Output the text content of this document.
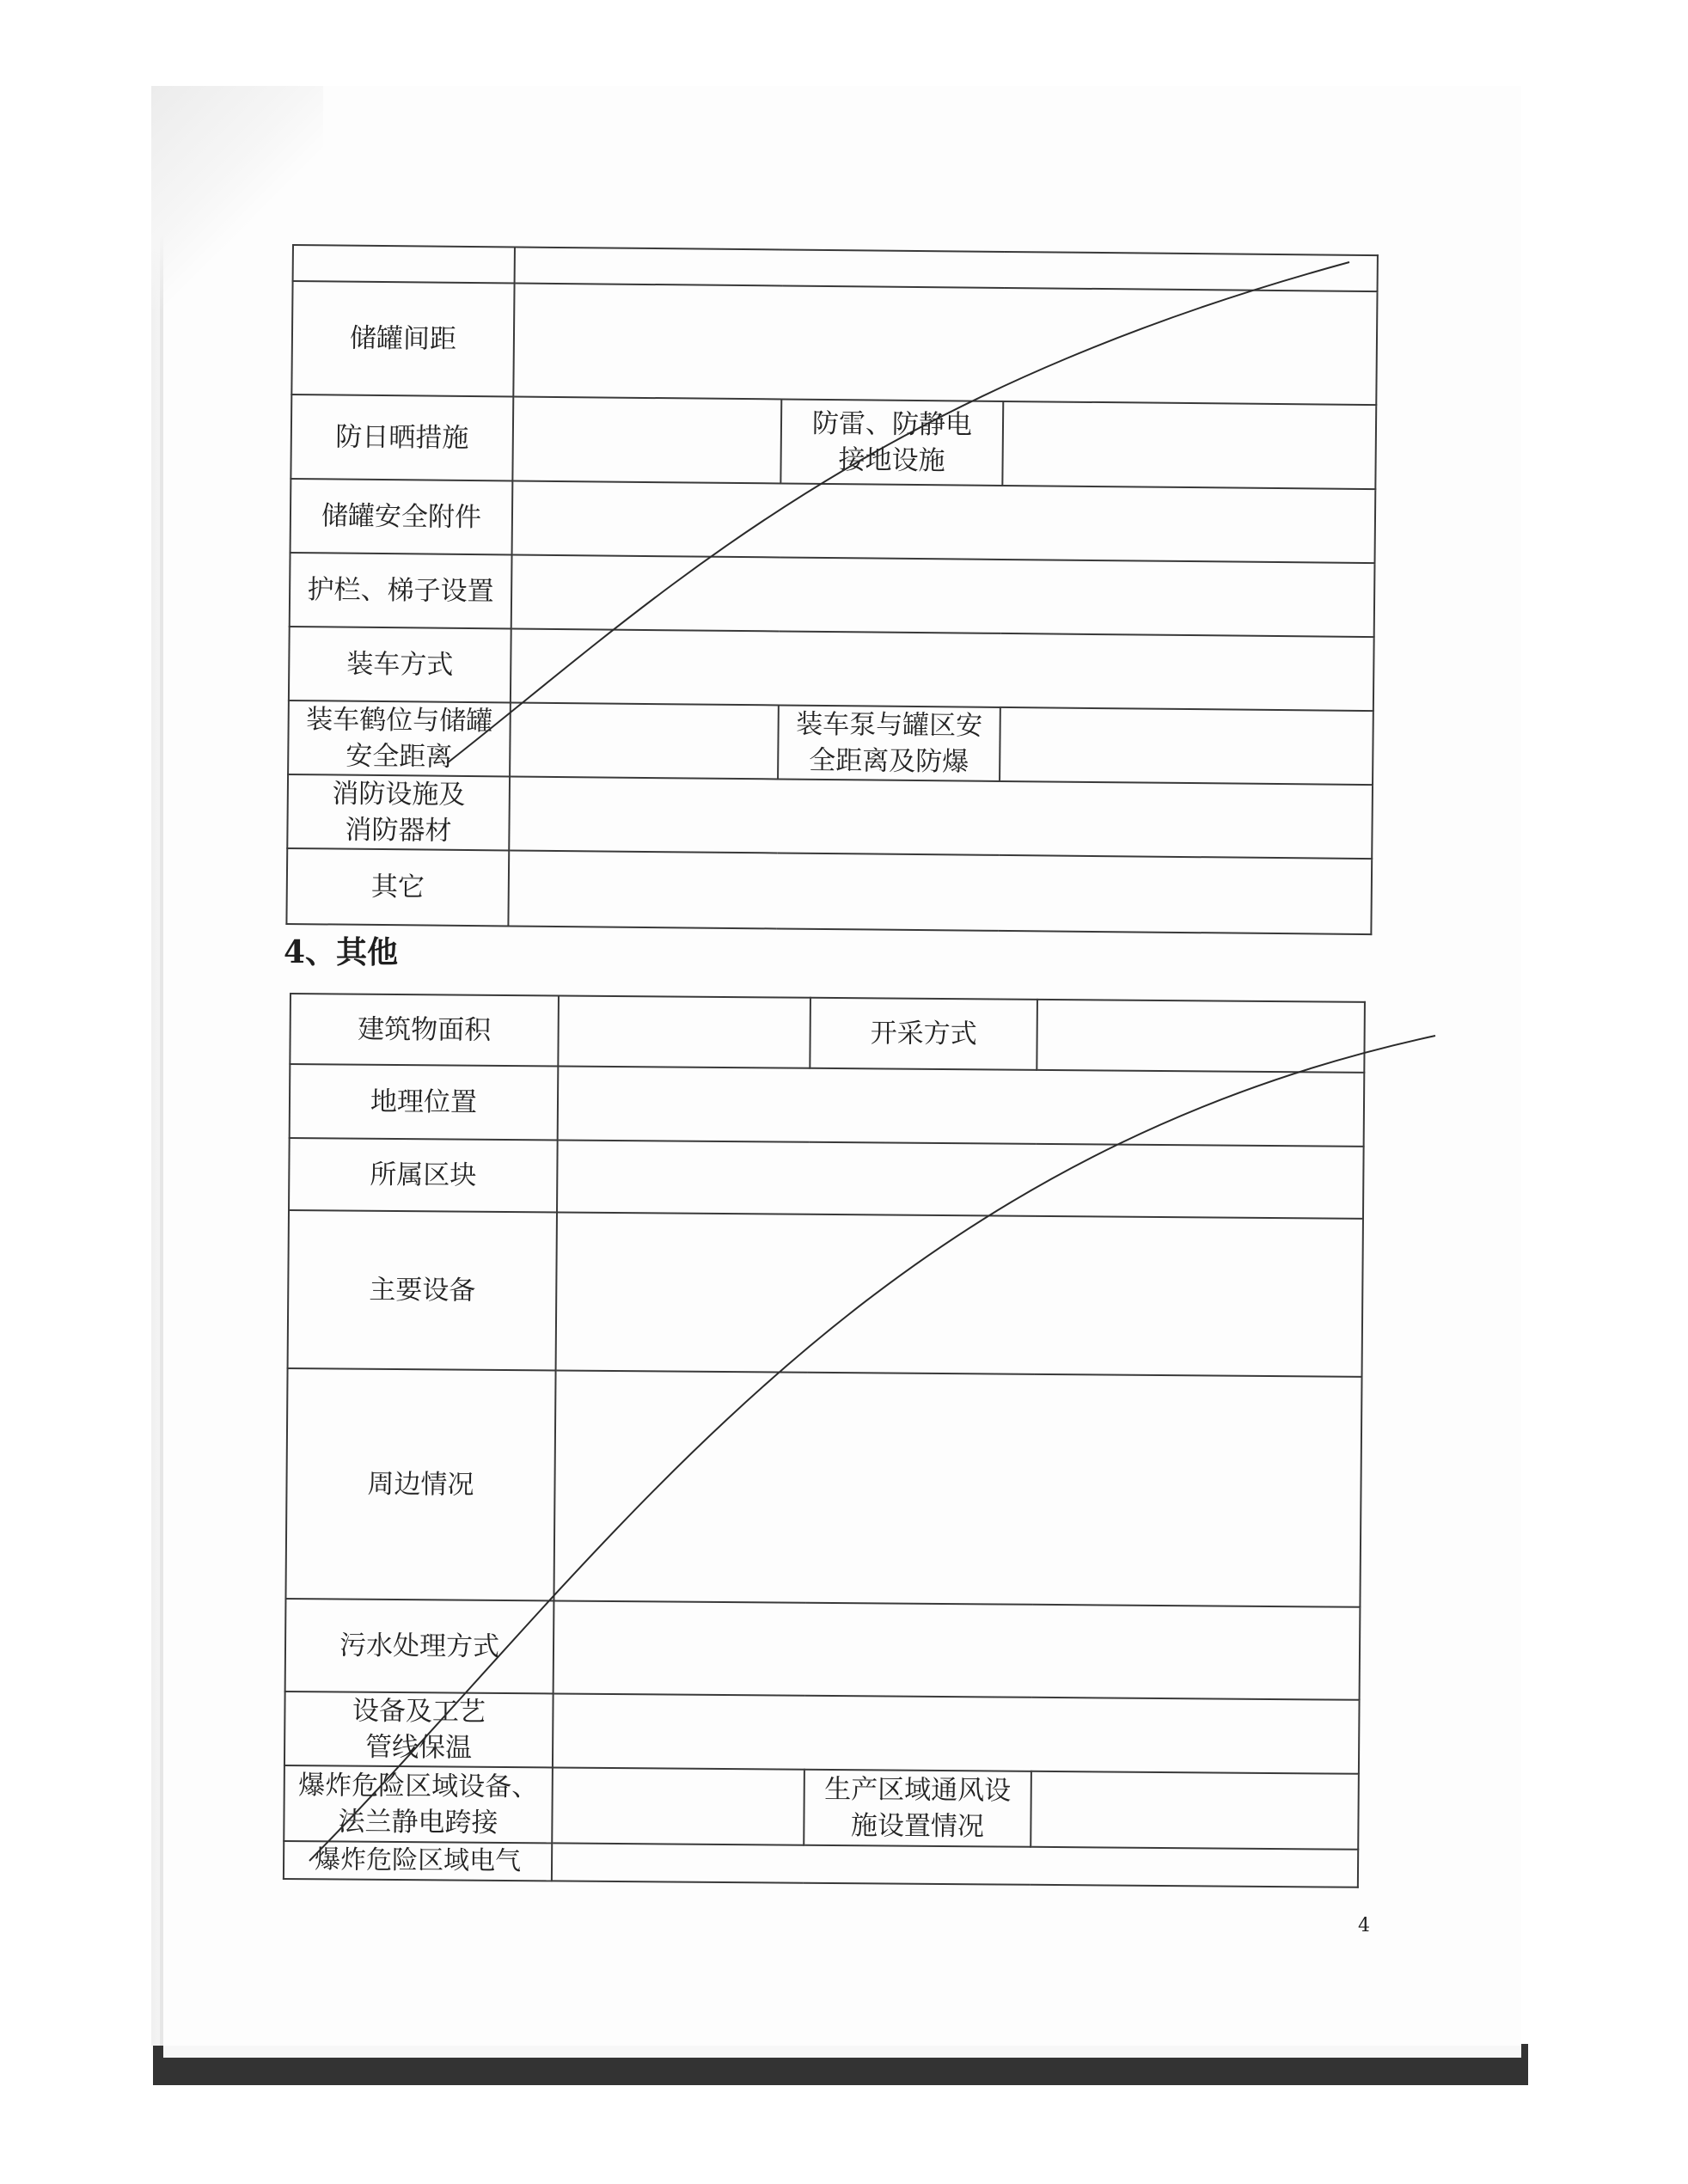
储罐间距			
防日晒措施		防雷、防静电接地设施	
储罐安全附件			
护栏、梯子设置			
装车方式			
装车鹤位与储罐安全距离		装车泵与罐区安全距离及防爆	
消防设施及消防器材			
其它			
4、其他
建筑物面积		开采方式	
地理位置			
所属区块			
主要设备			
周边情况			
污水处理方式			
设备及工艺管线保温			
爆炸危险区域设备、法兰静电跨接		生产区域通风设施设置情况	
爆炸危险区域电气			
4
